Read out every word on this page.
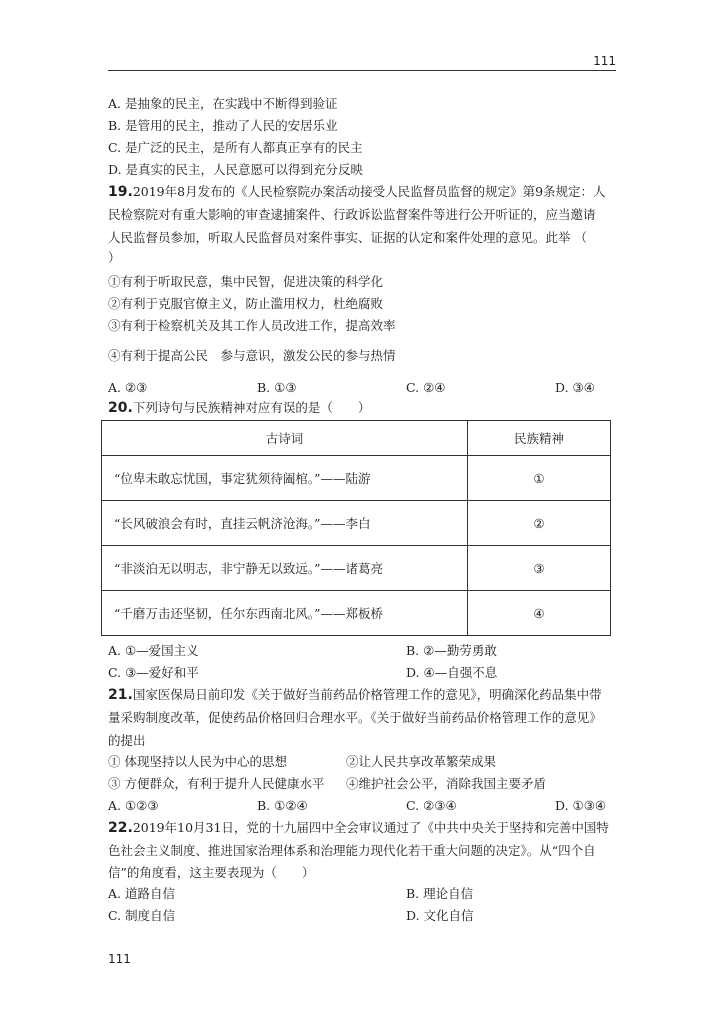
111
A. 是抽象的民主，在实践中不断得到验证
B. 是管用的民主，推动了人民的安居乐业
C. 是广泛的民主，是所有人都真正享有的民主
D. 是真实的民主，人民意愿可以得到充分反映
19.2019年8月发布的《人民检察院办案活动接受人民监督员监督的规定》第9条规定：人
民检察院对有重大影响的审查逮捕案件、行政诉讼监督案件等进行公开听证的，应当邀请
人民监督员参加，听取人民监督员对案件事实、证据的认定和案件处理的意见。此举 （
）
①有利于听取民意，集中民智，促进决策的科学化
②有利于克服官僚主义，防止滥用权力，杜绝腐败
③有利于检察机关及其工作人员改进工作，提高效率
④有利于提高公民　参与意识，激发公民的参与热情
A. ②③	B. ①③	C. ②④	D. ③④
20.下列诗句与民族精神对应有误的是（　　）
古诗词	民族精神
“位卑未敢忘忧国，事定犹须待阖棺。”——陆游	①
“长风破浪会有时，直挂云帆济沧海。”——李白	②
“非淡泊无以明志，非宁静无以致远。”——诸葛亮	③
“千磨万击还坚韧，任尔东西南北风。”——郑板桥	④
A. ①—爱国主义	B. ②—勤劳勇敢
C. ③—爱好和平	D. ④—自强不息
21.国家医保局日前印发《关于做好当前药品价格管理工作的意见》，明确深化药品集中带
量采购制度改革，促使药品价格回归合理水平。《关于做好当前药品价格管理工作的意见》
的提出
① 体现坚持以人民为中心的思想	②让人民共享改革繁荣成果
③ 方便群众，有利于提升人民健康水平 ④维护社会公平，消除我国主要矛盾
A. ①②③	B. ①②④	C. ②③④	D. ①③④
22.2019年10月31日，党的十九届四中全会审议通过了《中共中央关于坚持和完善中国特
色社会主义制度、推进国家治理体系和治理能力现代化若干重大问题的决定》。从“四个自
信”的角度看，这主要表现为（　　）
A. 道路自信	B. 理论自信
C. 制度自信	D. 文化自信
111
